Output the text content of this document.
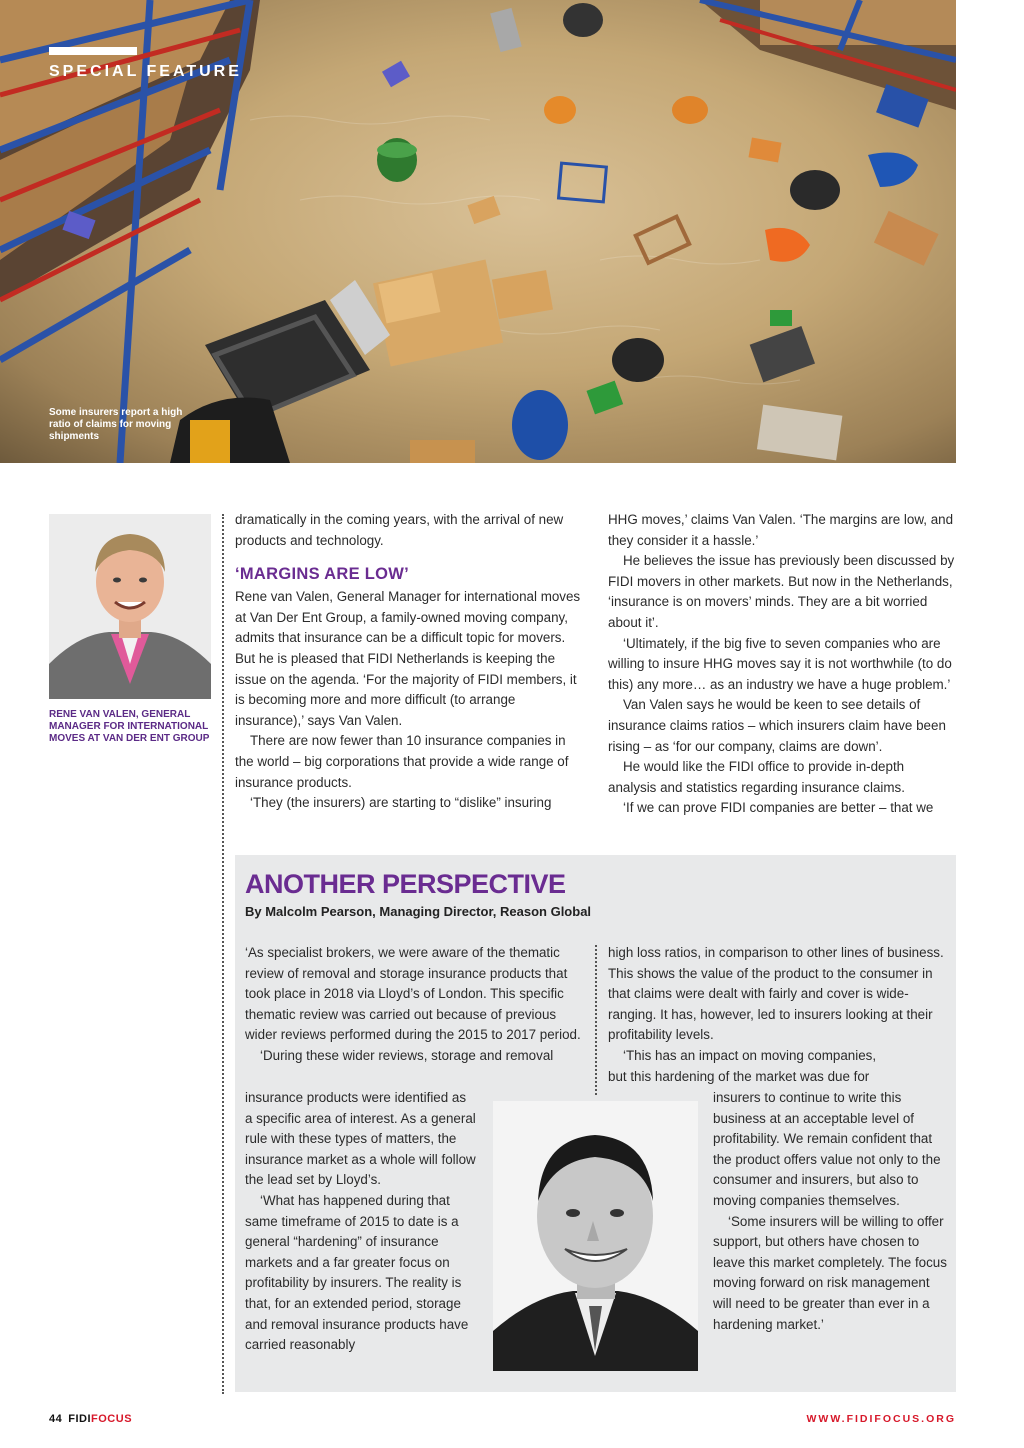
SPECIAL FEATURE
Some insurers report a high ratio of claims for moving shipments
RENE VAN VALEN, GENERAL MANAGER FOR INTERNATIONAL MOVES AT VAN DER ENT GROUP

dramatically in the coming years, with the arrival of new products and technology.

‘MARGINS ARE LOW’

Rene van Valen, General Manager for international moves at Van Der Ent Group, a family-owned moving company, admits that insurance can be a difficult topic for movers. But he is pleased that FIDI Netherlands is keeping the issue on the agenda. ‘For the majority of FIDI members, it is becoming more and more difficult (to arrange insurance),’ says Van Valen.

There are now fewer than 10 insurance companies in the world – big corporations that provide a wide range of insurance products.

‘They (the insurers) are starting to “dislike” insuring

HHG moves,’ claims Van Valen. ‘The margins are low, and they consider it a hassle.’

He believes the issue has previously been discussed by FIDI movers in other markets. But now in the Netherlands, ‘insurance is on movers’ minds. They are a bit worried about it’.

‘Ultimately, if the big five to seven companies who are willing to insure HHG moves say it is not worthwhile (to do this) any more… as an industry we have a huge problem.’

Van Valen says he would be keen to see details of insurance claims ratios – which insurers claim have been rising – as ‘for our company, claims are down’.

He would like the FIDI office to provide in-depth analysis and statistics regarding insurance claims.

‘If we can prove FIDI companies are better – that we

ANOTHER PERSPECTIVE
By Malcolm Pearson, Managing Director, Reason Global

‘As specialist brokers, we were aware of the thematic review of removal and storage insurance products that took place in 2018 via Lloyd’s of London. This specific thematic review was carried out because of previous wider reviews performed during the 2015 to 2017 period.

‘During these wider reviews, storage and removal

insurance products were identified as a specific area of interest. As a general rule with these types of matters, the insurance market as a whole will follow the lead set by Lloyd’s.

‘What has happened during that same timeframe of 2015 to date is a general “hardening” of insurance markets and a far greater focus on profitability by insurers. The reality is that, for an extended period, storage and removal insurance products have carried reasonably

high loss ratios, in comparison to other lines of business. This shows the value of the product to the consumer in that claims were dealt with fairly and cover is wide-ranging. It has, however, led to insurers looking at their profitability levels.

‘This has an impact on moving companies,

but this hardening of the market was due for

insurers to continue to write this business at an acceptable level of profitability. We remain confident that the product offers value not only to the consumer and insurers, but also to moving companies themselves.

‘Some insurers will be willing to offer support, but others have chosen to leave this market completely. The focus moving forward on risk management will need to be greater than ever in a hardening market.’

44 FIDIFOCUS	WWW.FIDIFOCUS.ORG
